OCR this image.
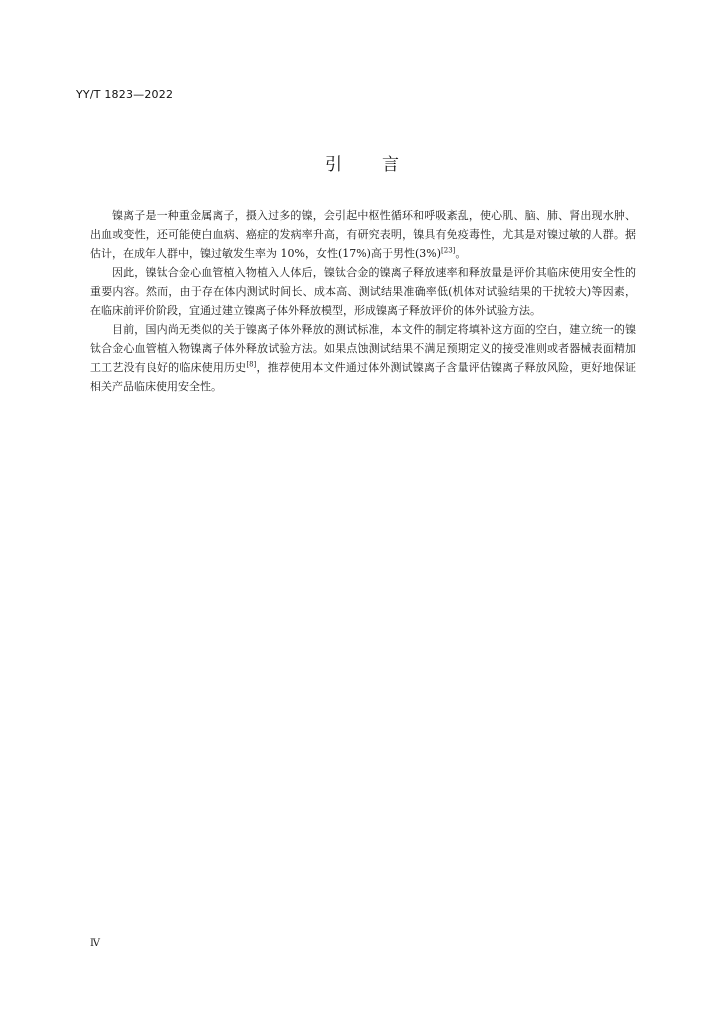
YY/T 1823—2022
引言

镍离子是一种重金属离子，摄入过多的镍，会引起中枢性循环和呼吸紊乱，使心肌、脑、肺、肾出现水肿、出血或变性，还可能使白血病、癌症的发病率升高，有研究表明，镍具有免疫毒性，尤其是对镍过敏的人群。据估计，在成年人群中，镍过敏发生率为 10%，女性(17%)高于男性(3%)[23]。

因此，镍钛合金心血管植入物植入人体后，镍钛合金的镍离子释放速率和释放量是评价其临床使用安全性的重要内容。然而，由于存在体内测试时间长、成本高、测试结果准确率低(机体对试验结果的干扰较大)等因素，在临床前评价阶段，宜通过建立镍离子体外释放模型，形成镍离子释放评价的体外试验方法。

目前，国内尚无类似的关于镍离子体外释放的测试标准，本文件的制定将填补这方面的空白，建立统一的镍钛合金心血管植入物镍离子体外释放试验方法。如果点蚀测试结果不满足预期定义的接受准则或者器械表面精加工工艺没有良好的临床使用历史[8]，推荐使用本文件通过体外测试镍离子含量评估镍离子释放风险，更好地保证相关产品临床使用安全性。

Ⅳ
